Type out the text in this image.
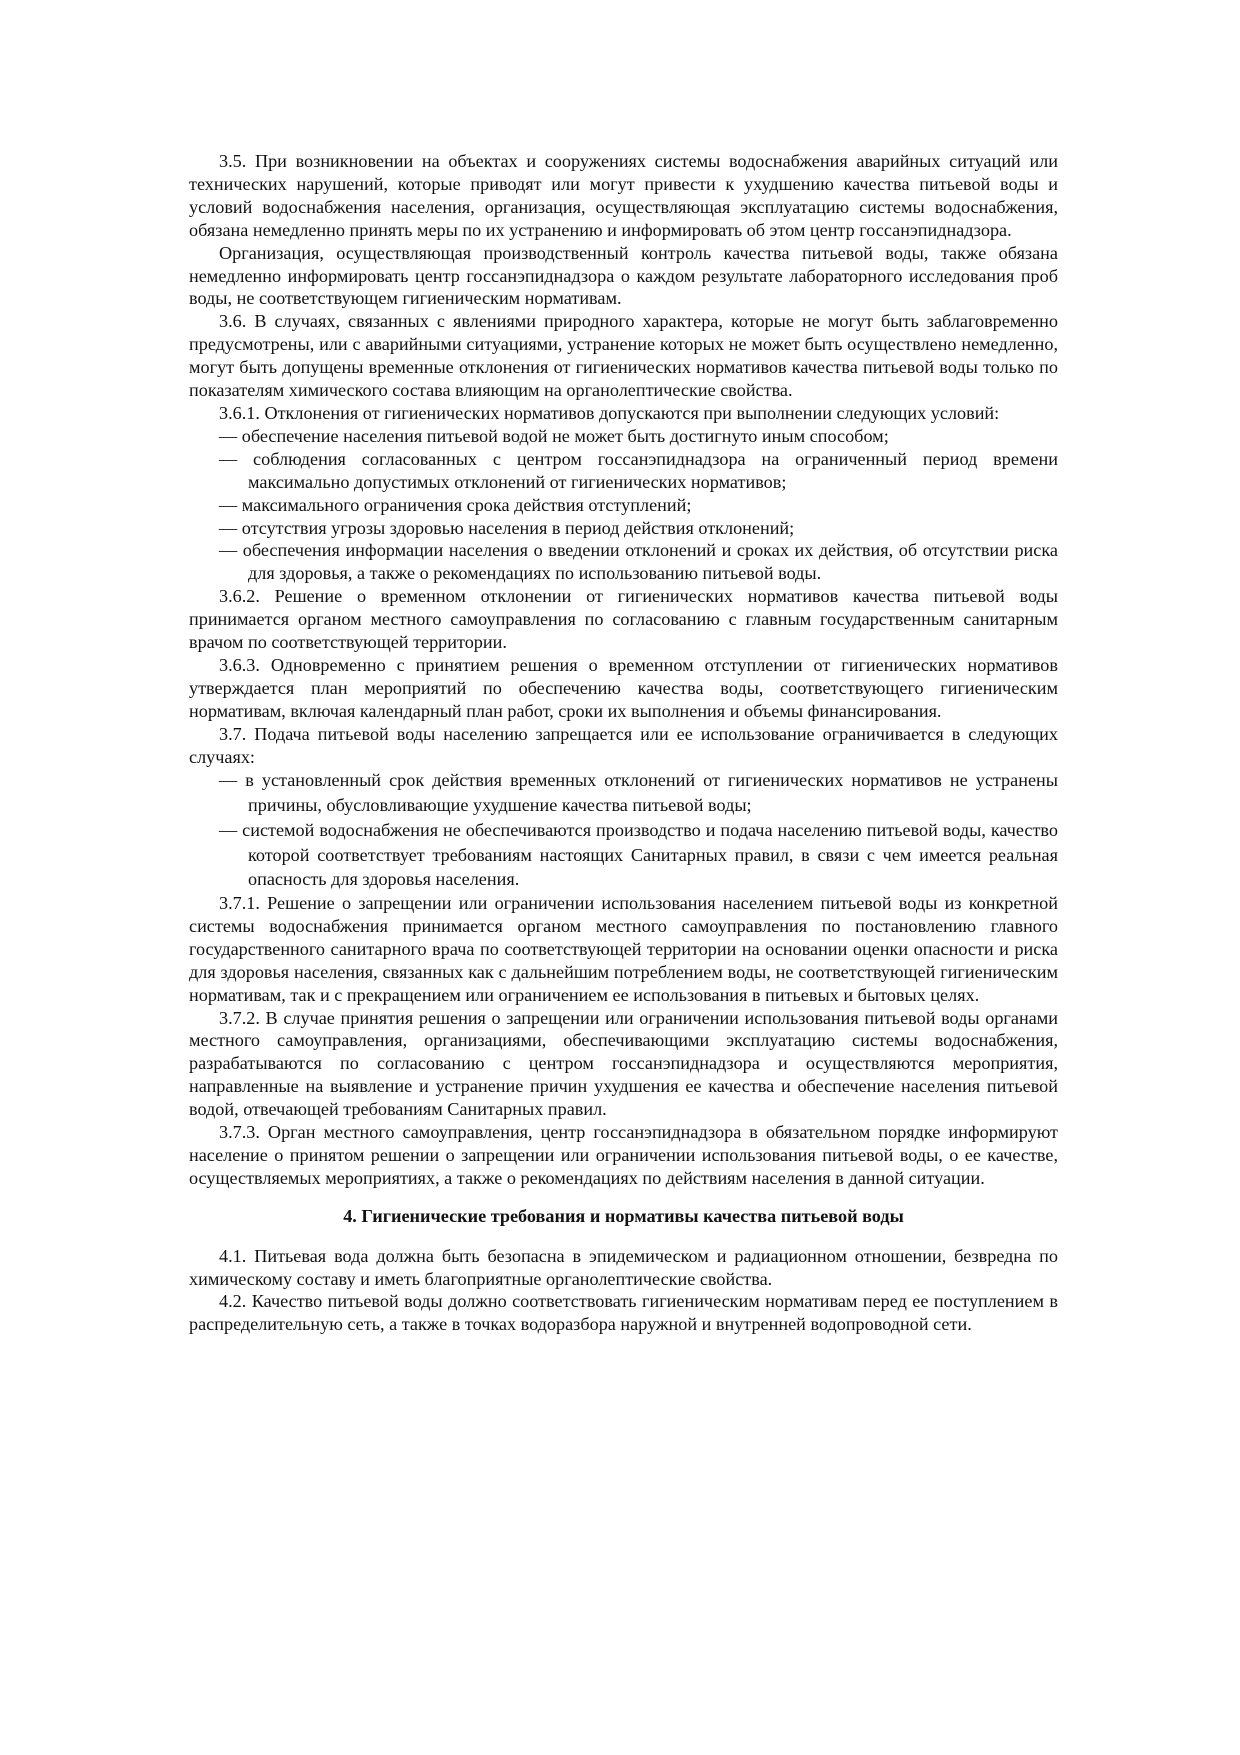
3.5. При возникновении на объектах и сооружениях системы водоснабжения аварийных ситуаций или технических нарушений, которые приводят или могут привести к ухудшению качества питьевой воды и условий водоснабжения населения, организация, осуществляющая эксплуатацию системы водоснабжения, обязана немедленно принять меры по их устранению и информировать об этом центр госсанэпиднадзора.

Организация, осуществляющая производственный контроль качества питьевой воды, также обязана немедленно информировать центр госсанэпиднадзора о каждом результате лабораторного исследования проб воды, не соответствующем гигиеническим нормативам.

3.6. В случаях, связанных с явлениями природного характера, которые не могут быть заблаговременно предусмотрены, или с аварийными ситуациями, устранение которых не может быть осуществлено немедленно, могут быть допущены временные отклонения от гигиенических нормативов качества питьевой воды только по показателям химического состава влияющим на органолептические свойства.

3.6.1. Отклонения от гигиенических нормативов допускаются при выполнении следующих условий:

— обеспечение населения питьевой водой не может быть достигнуто иным способом;
— соблюдения согласованных с центром госсанэпиднадзора на ограниченный период времени максимально допустимых отклонений от гигиенических нормативов;
— максимального ограничения срока действия отступлений;
— отсутствия угрозы здоровью населения в период действия отклонений;
— обеспечения информации населения о введении отклонений и сроках их действия, об отсутствии риска для здоровья, а также о рекомендациях по использованию питьевой воды.

3.6.2. Решение о временном отклонении от гигиенических нормативов качества питьевой воды принимается органом местного самоуправления по согласованию с главным государственным санитарным врачом по соответствующей территории.

3.6.3. Одновременно с принятием решения о временном отступлении от гигиенических нормативов утверждается план мероприятий по обеспечению качества воды, соответствующего гигиеническим нормативам, включая календарный план работ, сроки их выполнения и объемы финансирования.

3.7. Подача питьевой воды населению запрещается или ее использование ограничивается в следующих случаях:

— в установленный срок действия временных отклонений от гигиенических нормативов не устранены причины, обусловливающие ухудшение качества питьевой воды;
— системой водоснабжения не обеспечиваются производство и подача населению питьевой воды, качество которой соответствует требованиям настоящих Санитарных правил, в связи с чем имеется реальная опасность для здоровья населения.

3.7.1. Решение о запрещении или ограничении использования населением питьевой воды из конкретной системы водоснабжения принимается органом местного самоуправления по постановлению главного государственного санитарного врача по соответствующей территории на основании оценки опасности и риска для здоровья населения, связанных как с дальнейшим потреблением воды, не соответствующей гигиеническим нормативам, так и с прекращением или ограничением ее использования в питьевых и бытовых целях.

3.7.2. В случае принятия решения о запрещении или ограничении использования питьевой воды органами местного самоуправления, организациями, обеспечивающими эксплуатацию системы водоснабжения, разрабатываются по согласованию с центром госсанэпиднадзора и осуществляются мероприятия, направленные на выявление и устранение причин ухудшения ее качества и обеспечение населения питьевой водой, отвечающей требованиям Санитарных правил.

3.7.3. Орган местного самоуправления, центр госсанэпиднадзора в обязательном порядке информируют население о принятом решении о запрещении или ограничении использования питьевой воды, о ее качестве, осуществляемых мероприятиях, а также о рекомендациях по действиям населения в данной ситуации.

4. Гигиенические требования и нормативы качества питьевой воды

4.1. Питьевая вода должна быть безопасна в эпидемическом и радиационном отношении, безвредна по химическому составу и иметь благоприятные органолептические свойства.

4.2. Качество питьевой воды должно соответствовать гигиеническим нормативам перед ее поступлением в распределительную сеть, а также в точках водоразбора наружной и внутренней водопроводной сети.
